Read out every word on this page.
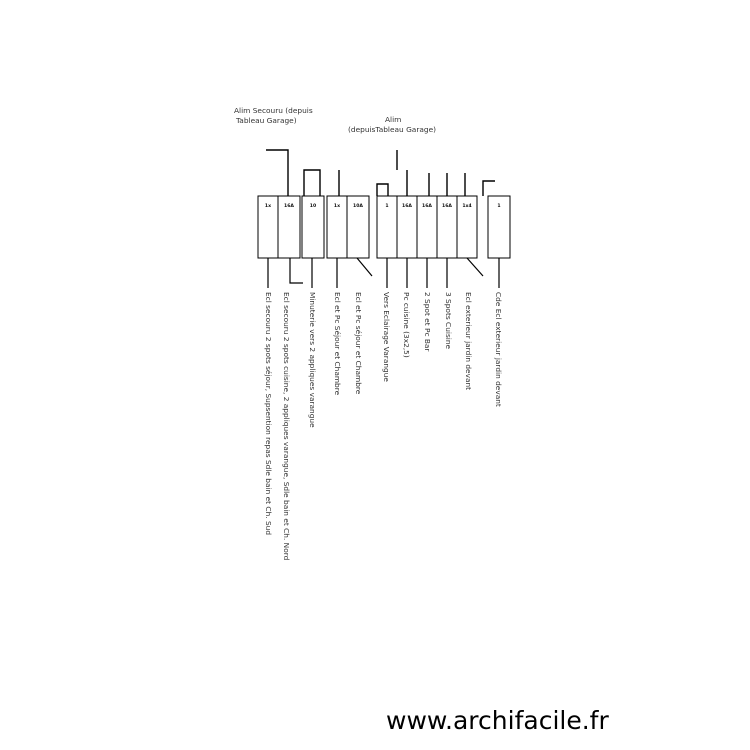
Alim Secouru (depuis
Tableau Garage)	Alim
(depuisTableau Garage)
1x	16A	10	1x	10A	1	16A 16A 16A 1x4	1
Ecl secouru 2 spots séjour, Supsention repas Sdle bain et Ch. Sud Ecl secouru 2 spots cuisine, 2 appliques varangue, Sdle bain et Ch. Nord Minuterie vers 2 appliques varangue Ecl et Pc Séjour et Chambre Ecl et Pc séjour et Chambre	Vers Eclairage Varangue Pc cuisine (3x2,5) 2 Spot et Pc Bar 3 Spots Cuisine Ecl exterieur jardin devant	Cde Ecl exterieur jardin devant
www.archifacile.fr
